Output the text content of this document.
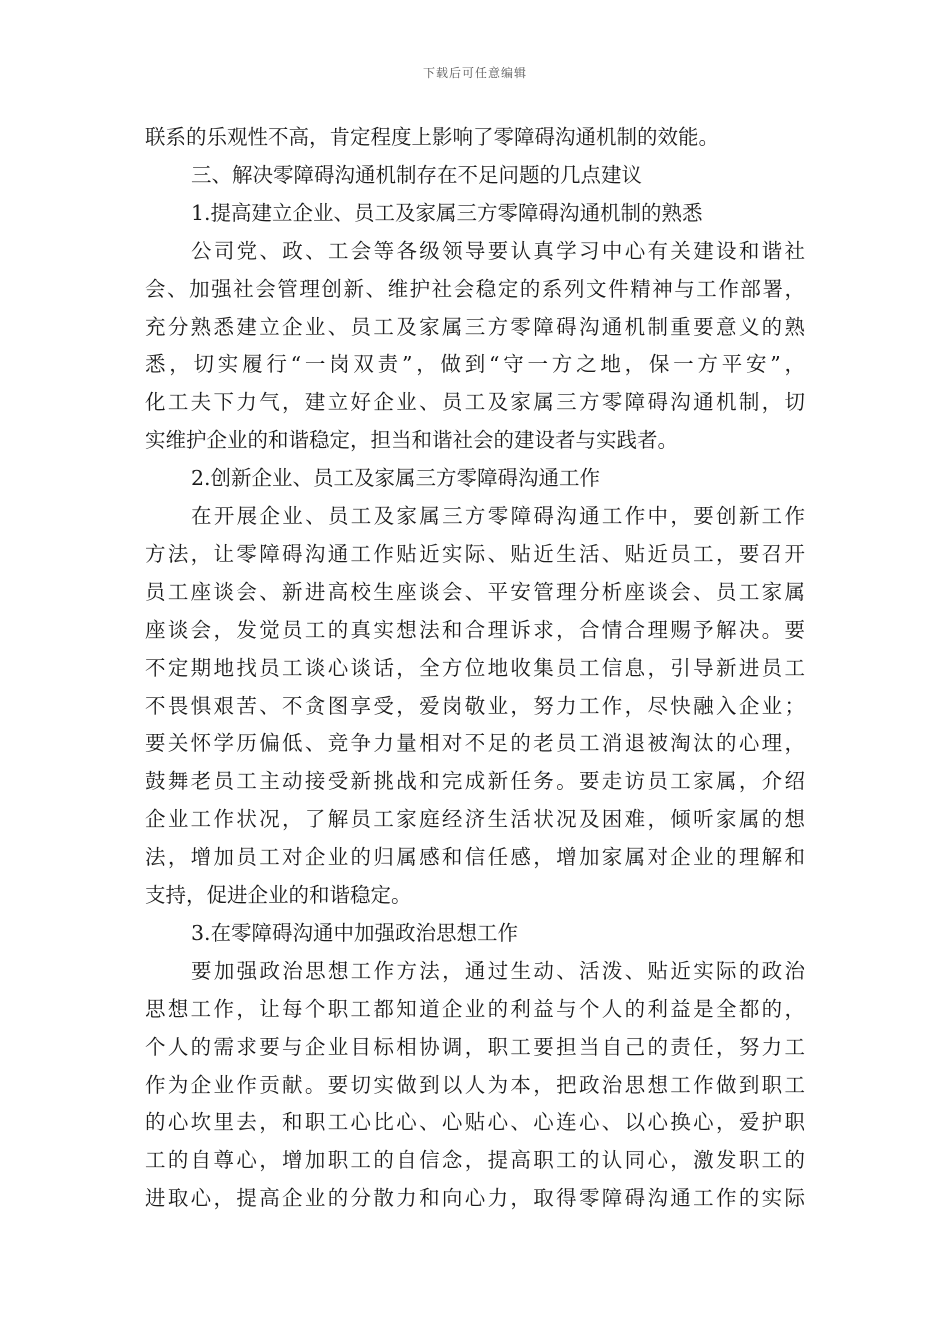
下载后可任意编辑
联系的乐观性不高，肯定程度上影响了零障碍沟通机制的效能。
三、解决零障碍沟通机制存在不足问题的几点建议
1.提高建立企业、员工及家属三方零障碍沟通机制的熟悉
公司党、政、工会等各级领导要认真学习中心有关建设和谐社
会、加强社会管理创新、维护社会稳定的系列文件精神与工作部署，
充分熟悉建立企业、员工及家属三方零障碍沟通机制重要意义的熟
悉，切实履行“一岗双责”，做到“守一方之地，保一方平安”，
化工夫下力气，建立好企业、员工及家属三方零障碍沟通机制，切
实维护企业的和谐稳定，担当和谐社会的建设者与实践者。
2.创新企业、员工及家属三方零障碍沟通工作
在开展企业、员工及家属三方零障碍沟通工作中，要创新工作
方法，让零障碍沟通工作贴近实际、贴近生活、贴近员工，要召开
员工座谈会、新进高校生座谈会、平安管理分析座谈会、员工家属
座谈会，发觉员工的真实想法和合理诉求，合情合理赐予解决。要
不定期地找员工谈心谈话，全方位地收集员工信息，引导新进员工
不畏惧艰苦、不贪图享受，爱岗敬业，努力工作，尽快融入企业；
要关怀学历偏低、竞争力量相对不足的老员工消退被淘汰的心理，
鼓舞老员工主动接受新挑战和完成新任务。要走访员工家属，介绍
企业工作状况，了解员工家庭经济生活状况及困难，倾听家属的想
法，增加员工对企业的归属感和信任感，增加家属对企业的理解和
支持，促进企业的和谐稳定。
3.在零障碍沟通中加强政治思想工作
要加强政治思想工作方法，通过生动、活泼、贴近实际的政治
思想工作，让每个职工都知道企业的利益与个人的利益是全都的，
个人的需求要与企业目标相协调，职工要担当自己的责任，努力工
作为企业作贡献。要切实做到以人为本，把政治思想工作做到职工
的心坎里去，和职工心比心、心贴心、心连心、以心换心，爱护职
工的自尊心，增加职工的自信念，提高职工的认同心，激发职工的
进取心，提高企业的分散力和向心力，取得零障碍沟通工作的实际
